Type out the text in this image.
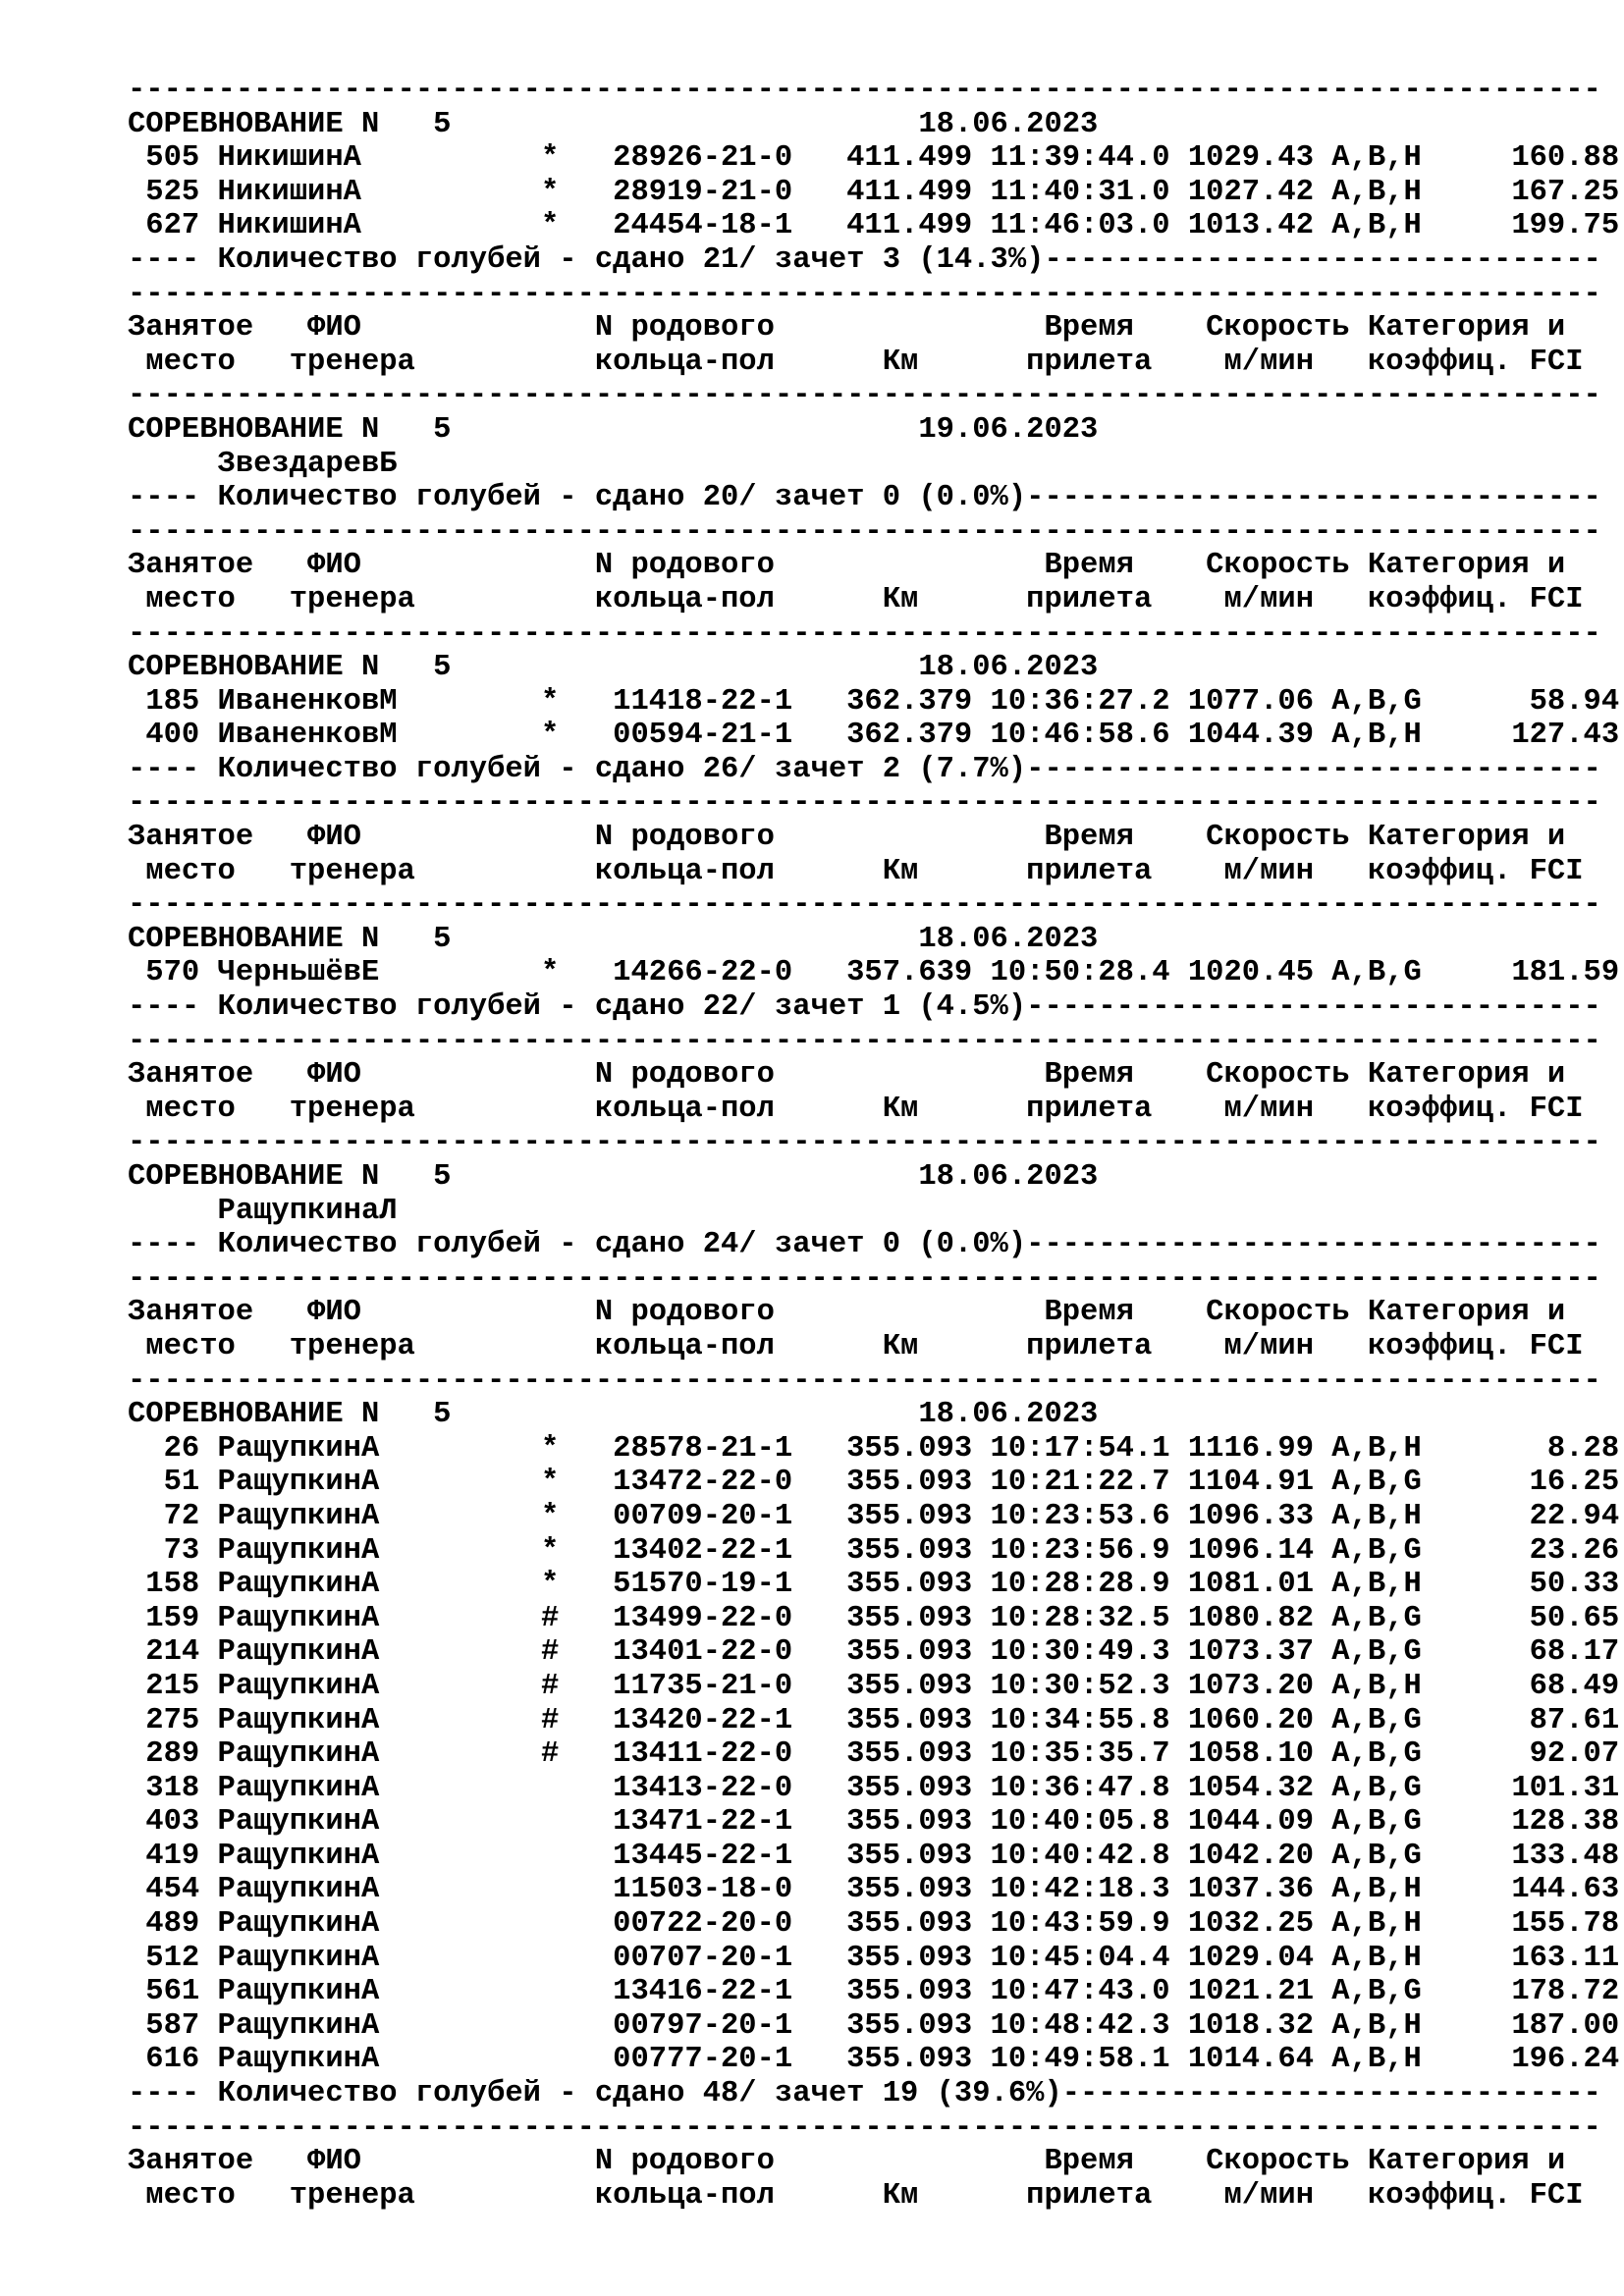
----------------------------------------------------------------------------------
СОРЕВНОВАНИЕ N   5                          18.06.2023
505 НикишинА          *   28926-21-0   411.499 11:39:44.0 1029.43 A,B,H     160.88
525 НикишинА          *   28919-21-0   411.499 11:40:31.0 1027.42 A,B,H     167.25
627 НикишинА          *   24454-18-1   411.499 11:46:03.0 1013.42 A,B,H     199.75
---- Количество голубей - сдано 21/ зачет 3 (14.3%)-------------------------------
----------------------------------------------------------------------------------
Занятое   ФИО             N родового               Время    Скорость Категория и
место   тренера          кольца-пол      Км      прилета    м/мин   коэффиц. FCI
----------------------------------------------------------------------------------
СОРЕВНОВАНИЕ N   5                          19.06.2023
ЗвездаревБ
---- Количество голубей - сдано 20/ зачет 0 (0.0%)--------------------------------
----------------------------------------------------------------------------------
Занятое   ФИО             N родового               Время    Скорость Категория и
место   тренера          кольца-пол      Км      прилета    м/мин   коэффиц. FCI
----------------------------------------------------------------------------------
СОРЕВНОВАНИЕ N   5                          18.06.2023
185 ИваненковМ        *   11418-22-1   362.379 10:36:27.2 1077.06 A,B,G      58.94
400 ИваненковМ        *   00594-21-1   362.379 10:46:58.6 1044.39 A,B,H     127.43
---- Количество голубей - сдано 26/ зачет 2 (7.7%)--------------------------------
----------------------------------------------------------------------------------
Занятое   ФИО             N родового               Время    Скорость Категория и
место   тренера          кольца-пол      Км      прилета    м/мин   коэффиц. FCI
----------------------------------------------------------------------------------
СОРЕВНОВАНИЕ N   5                          18.06.2023
570 ЧерньшёвЕ         *   14266-22-0   357.639 10:50:28.4 1020.45 A,B,G     181.59
---- Количество голубей - сдано 22/ зачет 1 (4.5%)--------------------------------
----------------------------------------------------------------------------------
Занятое   ФИО             N родового               Время    Скорость Категория и
место   тренера          кольца-пол      Км      прилета    м/мин   коэффиц. FCI
----------------------------------------------------------------------------------
СОРЕВНОВАНИЕ N   5                          18.06.2023
РащупкинаЛ
---- Количество голубей - сдано 24/ зачет 0 (0.0%)--------------------------------
----------------------------------------------------------------------------------
Занятое   ФИО             N родового               Время    Скорость Категория и
место   тренера          кольца-пол      Км      прилета    м/мин   коэффиц. FCI
----------------------------------------------------------------------------------
СОРЕВНОВАНИЕ N   5                          18.06.2023
26 РащупкинА         *   28578-21-1   355.093 10:17:54.1 1116.99 A,B,H       8.28
51 РащупкинА         *   13472-22-0   355.093 10:21:22.7 1104.91 A,B,G      16.25
72 РащупкинА         *   00709-20-1   355.093 10:23:53.6 1096.33 A,B,H      22.94
73 РащупкинА         *   13402-22-1   355.093 10:23:56.9 1096.14 A,B,G      23.26
158 РащупкинА         *   51570-19-1   355.093 10:28:28.9 1081.01 A,B,H      50.33
159 РащупкинА         #   13499-22-0   355.093 10:28:32.5 1080.82 A,B,G      50.65
214 РащупкинА         #   13401-22-0   355.093 10:30:49.3 1073.37 A,B,G      68.17
215 РащупкинА         #   11735-21-0   355.093 10:30:52.3 1073.20 A,B,H      68.49
275 РащупкинА         #   13420-22-1   355.093 10:34:55.8 1060.20 A,B,G      87.61
289 РащупкинА         #   13411-22-0   355.093 10:35:35.7 1058.10 A,B,G      92.07
318 РащупкинА             13413-22-0   355.093 10:36:47.8 1054.32 A,B,G     101.31
403 РащупкинА             13471-22-1   355.093 10:40:05.8 1044.09 A,B,G     128.38
419 РащупкинА             13445-22-1   355.093 10:40:42.8 1042.20 A,B,G     133.48
454 РащупкинА             11503-18-0   355.093 10:42:18.3 1037.36 A,B,H     144.63
489 РащупкинА             00722-20-0   355.093 10:43:59.9 1032.25 A,B,H     155.78
512 РащупкинА             00707-20-1   355.093 10:45:04.4 1029.04 A,B,H     163.11
561 РащупкинА             13416-22-1   355.093 10:47:43.0 1021.21 A,B,G     178.72
587 РащупкинА             00797-20-1   355.093 10:48:42.3 1018.32 A,B,H     187.00
616 РащупкинА             00777-20-1   355.093 10:49:58.1 1014.64 A,B,H     196.24
---- Количество голубей - сдано 48/ зачет 19 (39.6%)------------------------------
----------------------------------------------------------------------------------
Занятое   ФИО             N родового               Время    Скорость Категория и
место   тренера          кольца-пол      Км      прилета    м/мин   коэффиц. FCI
